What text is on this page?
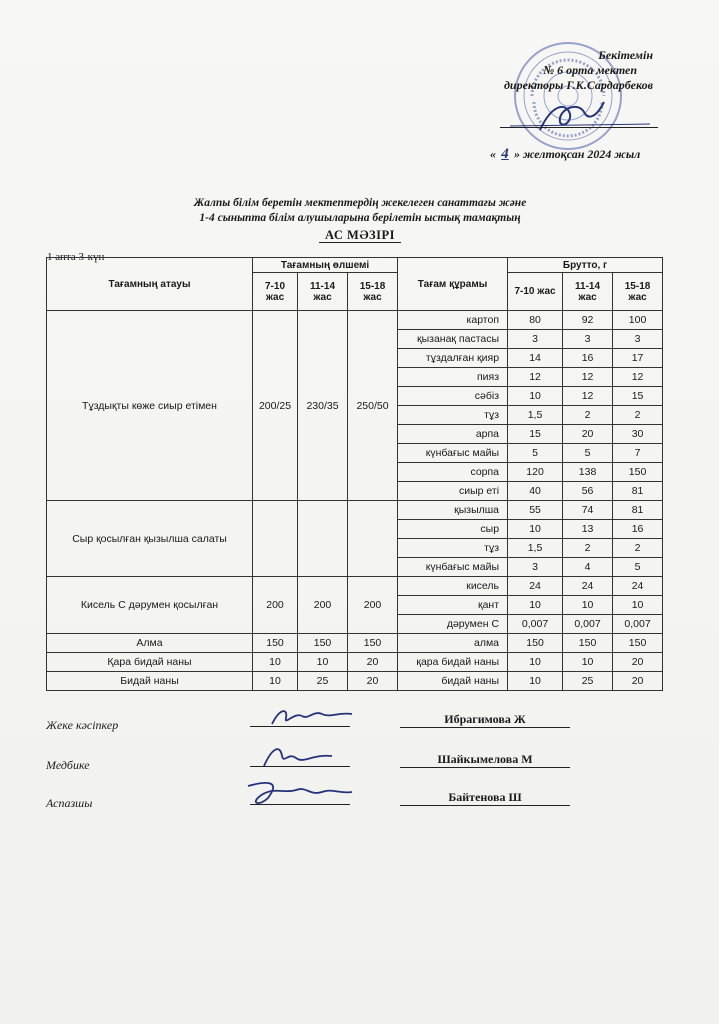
Бекітемін
№ 6 орта мектеп
директоры Г.К.Сардарбеков
« 4 » желтоқсан 2024 жыл
Жалпы білім беретін мектептердің жекелеген санаттағы және
1-4 сыныпта білім алушыларына берілетін ыстық тамақтың
АС МӘЗІРІ
1 апта 3-күн
Тағамның атауы	Тағамның өлшемі			Тағам құрамы	Брутто, г		
	7-10 жас	11-14 жас	15-18 жас		7-10 жас	11-14 жас	15-18 жас
Тұздықты көже сиыр етімен	200/25	230/35	250/50	картоп	80	92	100
				қызанақ пастасы	3	3	3
				тұздалған қияр	14	16	17
				пияз	12	12	12
				сәбіз	10	12	15
				тұз	1,5	2	2
				арпа	15	20	30
				күнбағыс майы	5	5	7
				сорпа	120	138	150
				сиыр еті	40	56	81
Сыр қосылған қызылша салаты				қызылша	55	74	81
				сыр	10	13	16
				тұз	1,5	2	2
				күнбағыс майы	3	4	5
Кисель С дәрумен қосылған	200	200	200	кисель	24	24	24
				қант	10	10	10
				дәрумен С	0,007	0,007	0,007
Алма	150	150	150	алма	150	150	150
Қара бидай наны	10	10	20	қара бидай наны	10	10	20
Бидай наны	10	25	20	бидай наны	10	25	20
Жеке кәсіпкер	Ибрагимова Ж
Медбике	Шайкымелова М
Аспазшы	Байтенова Ш
